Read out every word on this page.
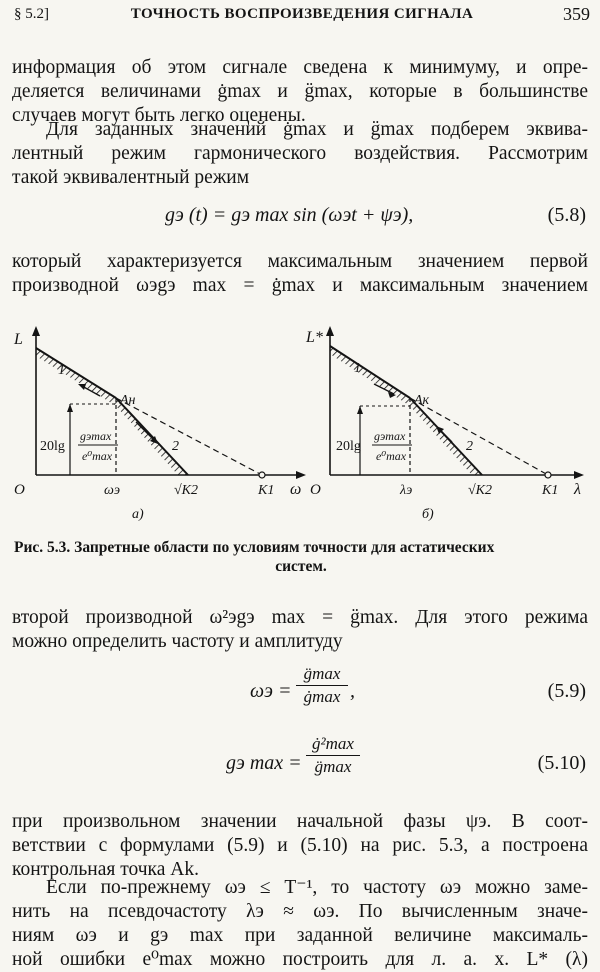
§ 5.2]	ТОЧНОСТЬ ВОСПРОИЗВЕДЕНИЯ СИГНАЛА	359
информация об этом сигнале сведена к минимуму, и опре-
деляется величинами ġmax и g̈max, которые в большинстве
случаев могут быть легко оценены.
Для заданных значений ġmax и g̈max подберем эквива-
лентный режим гармонического воздействия. Рассмотрим
такой эквивалентный режим
gэ (t) = gэ max sin (ωэt + ψэ),	(5.8)
который характеризуется максимальным значением первой
производной ωэgэ max = ġmax и максимальным значением
L
1
2
Aн
20lg
gэmax
e⁰max
O	ωэ	√K2	K1 ω
а)
L*
1
2
Aк
20lg
gэmax
e⁰max
O	λэ	√K2	K1 λ
б)
Рис. 5.3. Запретные области по условиям точности для астатических
систем.
второй производной ω²эgэ max = g̈max. Для этого режима
можно определить частоту и амплитуду
ωэ =
g̈max
ġmax ,	(5.9)
gэ max =
ġ²max
g̈max	(5.10)
при произвольном значении начальной фазы ψэ. В соот-
ветствии с формулами (5.9) и (5.10) на рис. 5.3, а построена
контрольная точка Ak.
Если по-прежнему ωэ ≤ T⁻¹, то частоту ωэ можно заме-
нить на псевдочастоту λэ ≈ ωэ. По вычисленным значе-
ниям ωэ и gэ max при заданной величине максималь-
ной ошибки e⁰max можно построить для л. а. х. L* (λ)
